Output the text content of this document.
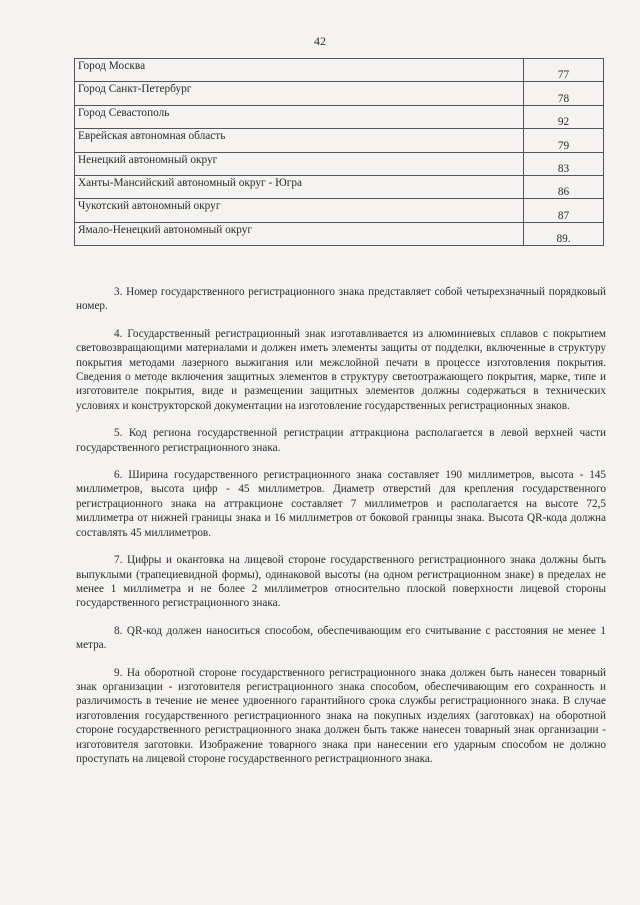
42
Город Москва	77
Город Санкт-Петербург	78
Город Севастополь	92
Еврейская автономная область	79
Ненецкий автономный округ	83
Ханты-Мансийский автономный округ - Югра	86
Чукотский автономный округ	87
Ямало-Ненецкий автономный округ	89.

3. Номер государственного регистрационного знака представляет собой четырехзначный порядковый номер.

4. Государственный регистрационный знак изготавливается из алюминиевых сплавов с покрытием световозвращающими материалами и должен иметь элементы защиты от подделки, включенные в структуру покрытия методами лазерного выжигания или межслойной печати в процессе изготовления покрытия. Сведения о методе включения защитных элементов в структуру светоотражающего покрытия, марке, типе и изготовителе покрытия, виде и размещении защитных элементов должны содержаться в технических условиях и конструкторской документации на изготовление государственных регистрационных знаков.

5. Код региона государственной регистрации аттракциона располагается в левой верхней части государственного регистрационного знака.

6. Ширина государственного регистрационного знака составляет 190 миллиметров, высота - 145 миллиметров, высота цифр - 45 миллиметров. Диаметр отверстий для крепления государственного регистрационного знака на аттракционе составляет 7 миллиметров и располагается на высоте 72,5 миллиметра от нижней границы знака и 16 миллиметров от боковой границы знака. Высота QR-кода должна составлять 45 миллиметров.

7. Цифры и окантовка на лицевой стороне государственного регистрационного знака должны быть выпуклыми (трапециевидной формы), одинаковой высоты (на одном регистрационном знаке) в пределах не менее 1 миллиметра и не более 2 миллиметров относительно плоской поверхности лицевой стороны государственного регистрационного знака.

8. QR-код должен наноситься способом, обеспечивающим его считывание с расстояния не менее 1 метра.

9. На оборотной стороне государственного регистрационного знака должен быть нанесен товарный знак организации - изготовителя регистрационного знака способом, обеспечивающим его сохранность и различимость в течение не менее удвоенного гарантийного срока службы регистрационного знака. В случае изготовления государственного регистрационного знака на покупных изделиях (заготовках) на оборотной стороне государственного регистрационного знака должен быть также нанесен товарный знак организации - изготовителя заготовки. Изображение товарного знака при нанесении его ударным способом не должно проступать на лицевой стороне государственного регистрационного знака.
